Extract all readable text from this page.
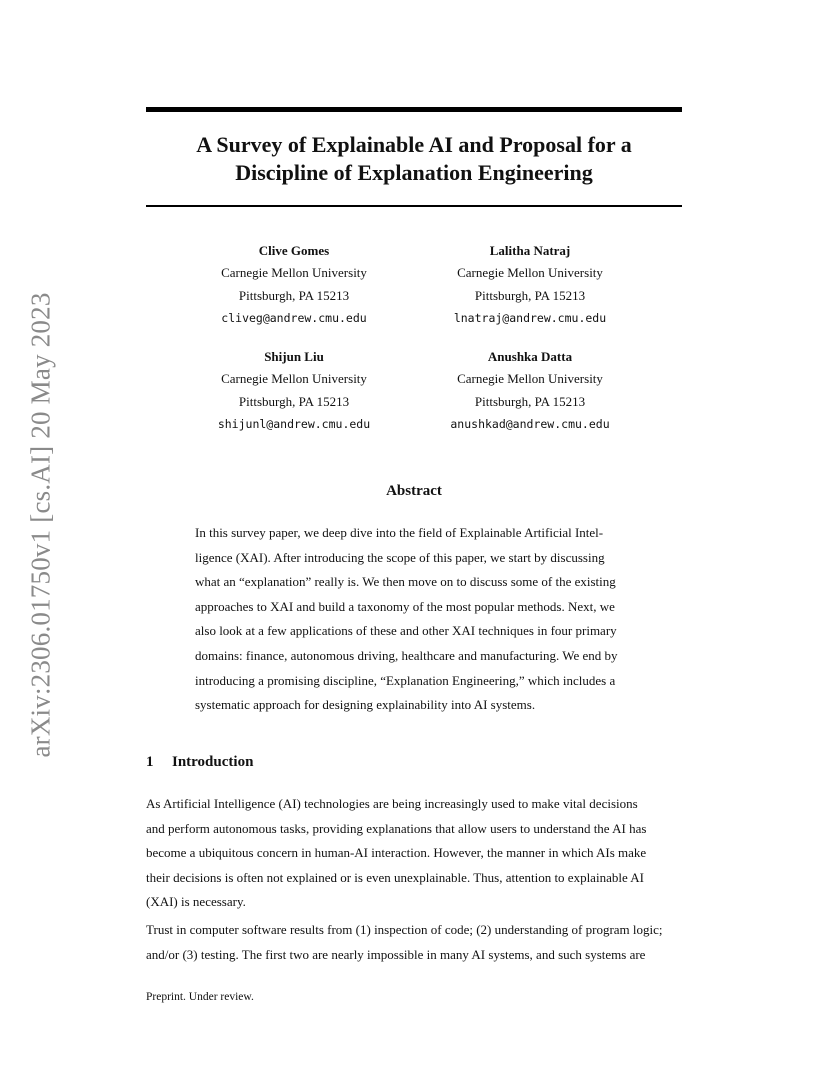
arXiv:2306.01750v1 [cs.AI] 20 May 2023
A Survey of Explainable AI and Proposal for a
Discipline of Explanation Engineering
Clive Gomes
Carnegie Mellon University
Pittsburgh, PA 15213
cliveg@andrew.cmu.edu
Lalitha Natraj
Carnegie Mellon University
Pittsburgh, PA 15213
lnatraj@andrew.cmu.edu
Shijun Liu
Carnegie Mellon University
Pittsburgh, PA 15213
shijunl@andrew.cmu.edu
Anushka Datta
Carnegie Mellon University
Pittsburgh, PA 15213
anushkad@andrew.cmu.edu
Abstract

In this survey paper, we deep dive into the field of Explainable Artificial Intel-
ligence (XAI). After introducing the scope of this paper, we start by discussing
what an “explanation” really is. We then move on to discuss some of the existing
approaches to XAI and build a taxonomy of the most popular methods. Next, we
also look at a few applications of these and other XAI techniques in four primary
domains: finance, autonomous driving, healthcare and manufacturing. We end by
introducing a promising discipline, “Explanation Engineering,” which includes a
systematic approach for designing explainability into AI systems.

1 Introduction

As Artificial Intelligence (AI) technologies are being increasingly used to make vital decisions
and perform autonomous tasks, providing explanations that allow users to understand the AI has
become a ubiquitous concern in human-AI interaction. However, the manner in which AIs make
their decisions is often not explained or is even unexplainable. Thus, attention to explainable AI
(XAI) is necessary.

Trust in computer software results from (1) inspection of code; (2) understanding of program logic;
and/or (3) testing. The first two are nearly impossible in many AI systems, and such systems are

Preprint. Under review.
